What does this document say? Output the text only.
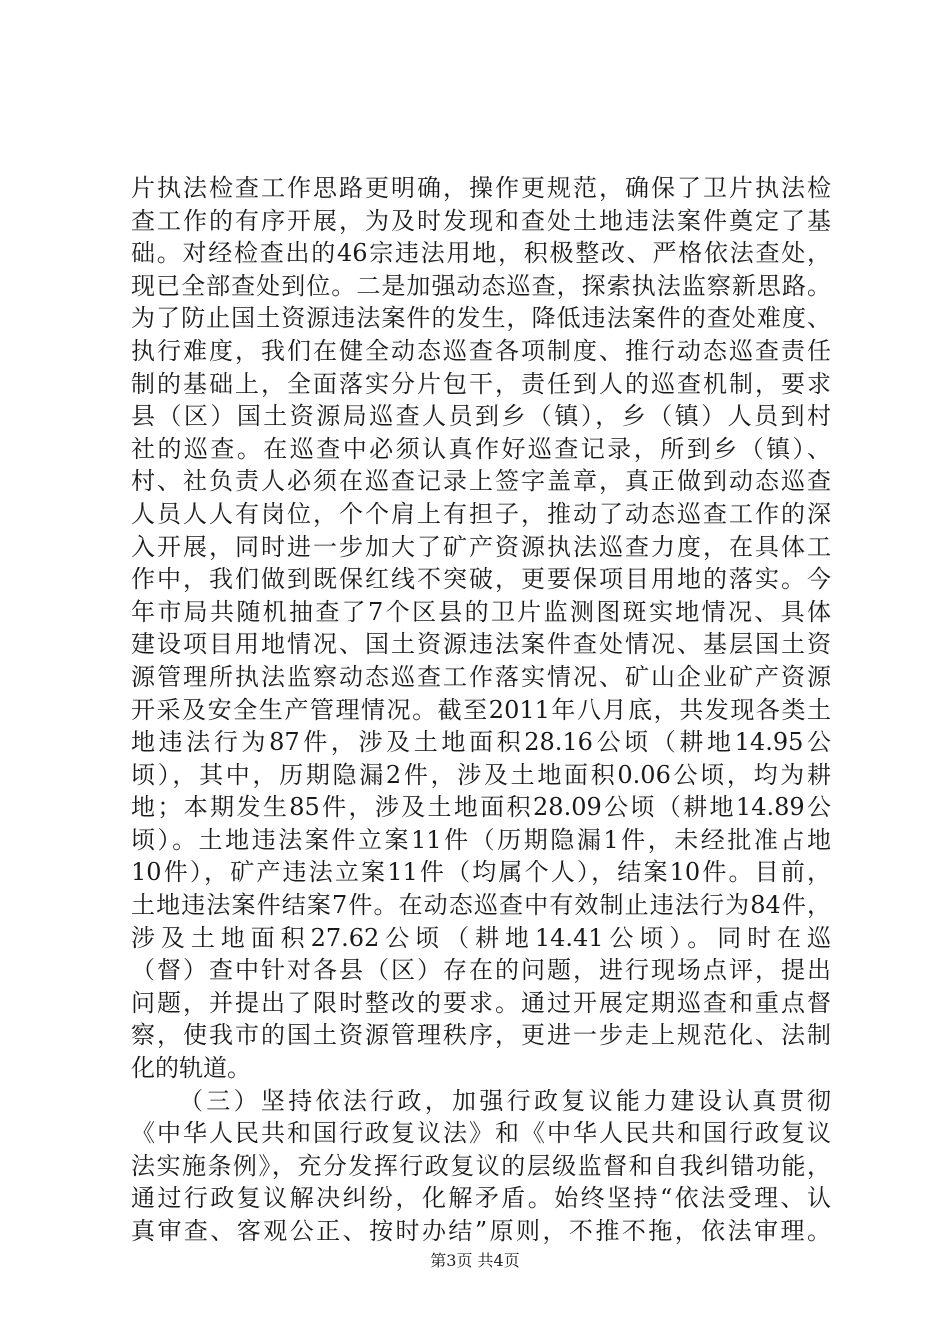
片执法检查工作思路更明确，操作更规范，确保了卫片执法检
查工作的有序开展，为及时发现和查处土地违法案件奠定了基
础。对经检查出的46宗违法用地，积极整改、严格依法查处，
现已全部查处到位。二是加强动态巡查，探索执法监察新思路。
为了防止国土资源违法案件的发生，降低违法案件的查处难度、
执行难度，我们在健全动态巡查各项制度、推行动态巡查责任
制的基础上，全面落实分片包干，责任到人的巡查机制，要求
县（区）国土资源局巡查人员到乡（镇），乡（镇）人员到村
社的巡查。在巡查中必须认真作好巡查记录，所到乡（镇）、
村、社负责人必须在巡查记录上签字盖章，真正做到动态巡查
人员人人有岗位，个个肩上有担子，推动了动态巡查工作的深
入开展，同时进一步加大了矿产资源执法巡查力度，在具体工
作中，我们做到既保红线不突破，更要保项目用地的落实。今
年市局共随机抽查了7个区县的卫片监测图斑实地情况、具体
建设项目用地情况、国土资源违法案件查处情况、基层国土资
源管理所执法监察动态巡查工作落实情况、矿山企业矿产资源
开采及安全生产管理情况。截至2011年八月底，共发现各类土
地违法行为87件，涉及土地面积28.16公顷（耕地14.95公
顷），其中，历期隐漏2件，涉及土地面积0.06公顷，均为耕
地；本期发生85件，涉及土地面积28.09公顷（耕地14.89公
顷）。土地违法案件立案11件（历期隐漏1件，未经批准占地
10件），矿产违法立案11件（均属个人），结案10件。目前，
土地违法案件结案7件。在动态巡查中有效制止违法行为84件，
涉及土地面积27.62公顷（耕地14.41公顷）。同时在巡
（督）查中针对各县（区）存在的问题，进行现场点评，提出
问题，并提出了限时整改的要求。通过开展定期巡查和重点督
察，使我市的国土资源管理秩序，更进一步走上规范化、法制
化的轨道。
（三）坚持依法行政，加强行政复议能力建设认真贯彻
《中华人民共和国行政复议法》和《中华人民共和国行政复议
法实施条例》，充分发挥行政复议的层级监督和自我纠错功能，
通过行政复议解决纠纷，化解矛盾。始终坚持“依法受理、认
真审查、客观公正、按时办结”原则，不推不拖，依法审理。
第3页 共4页
